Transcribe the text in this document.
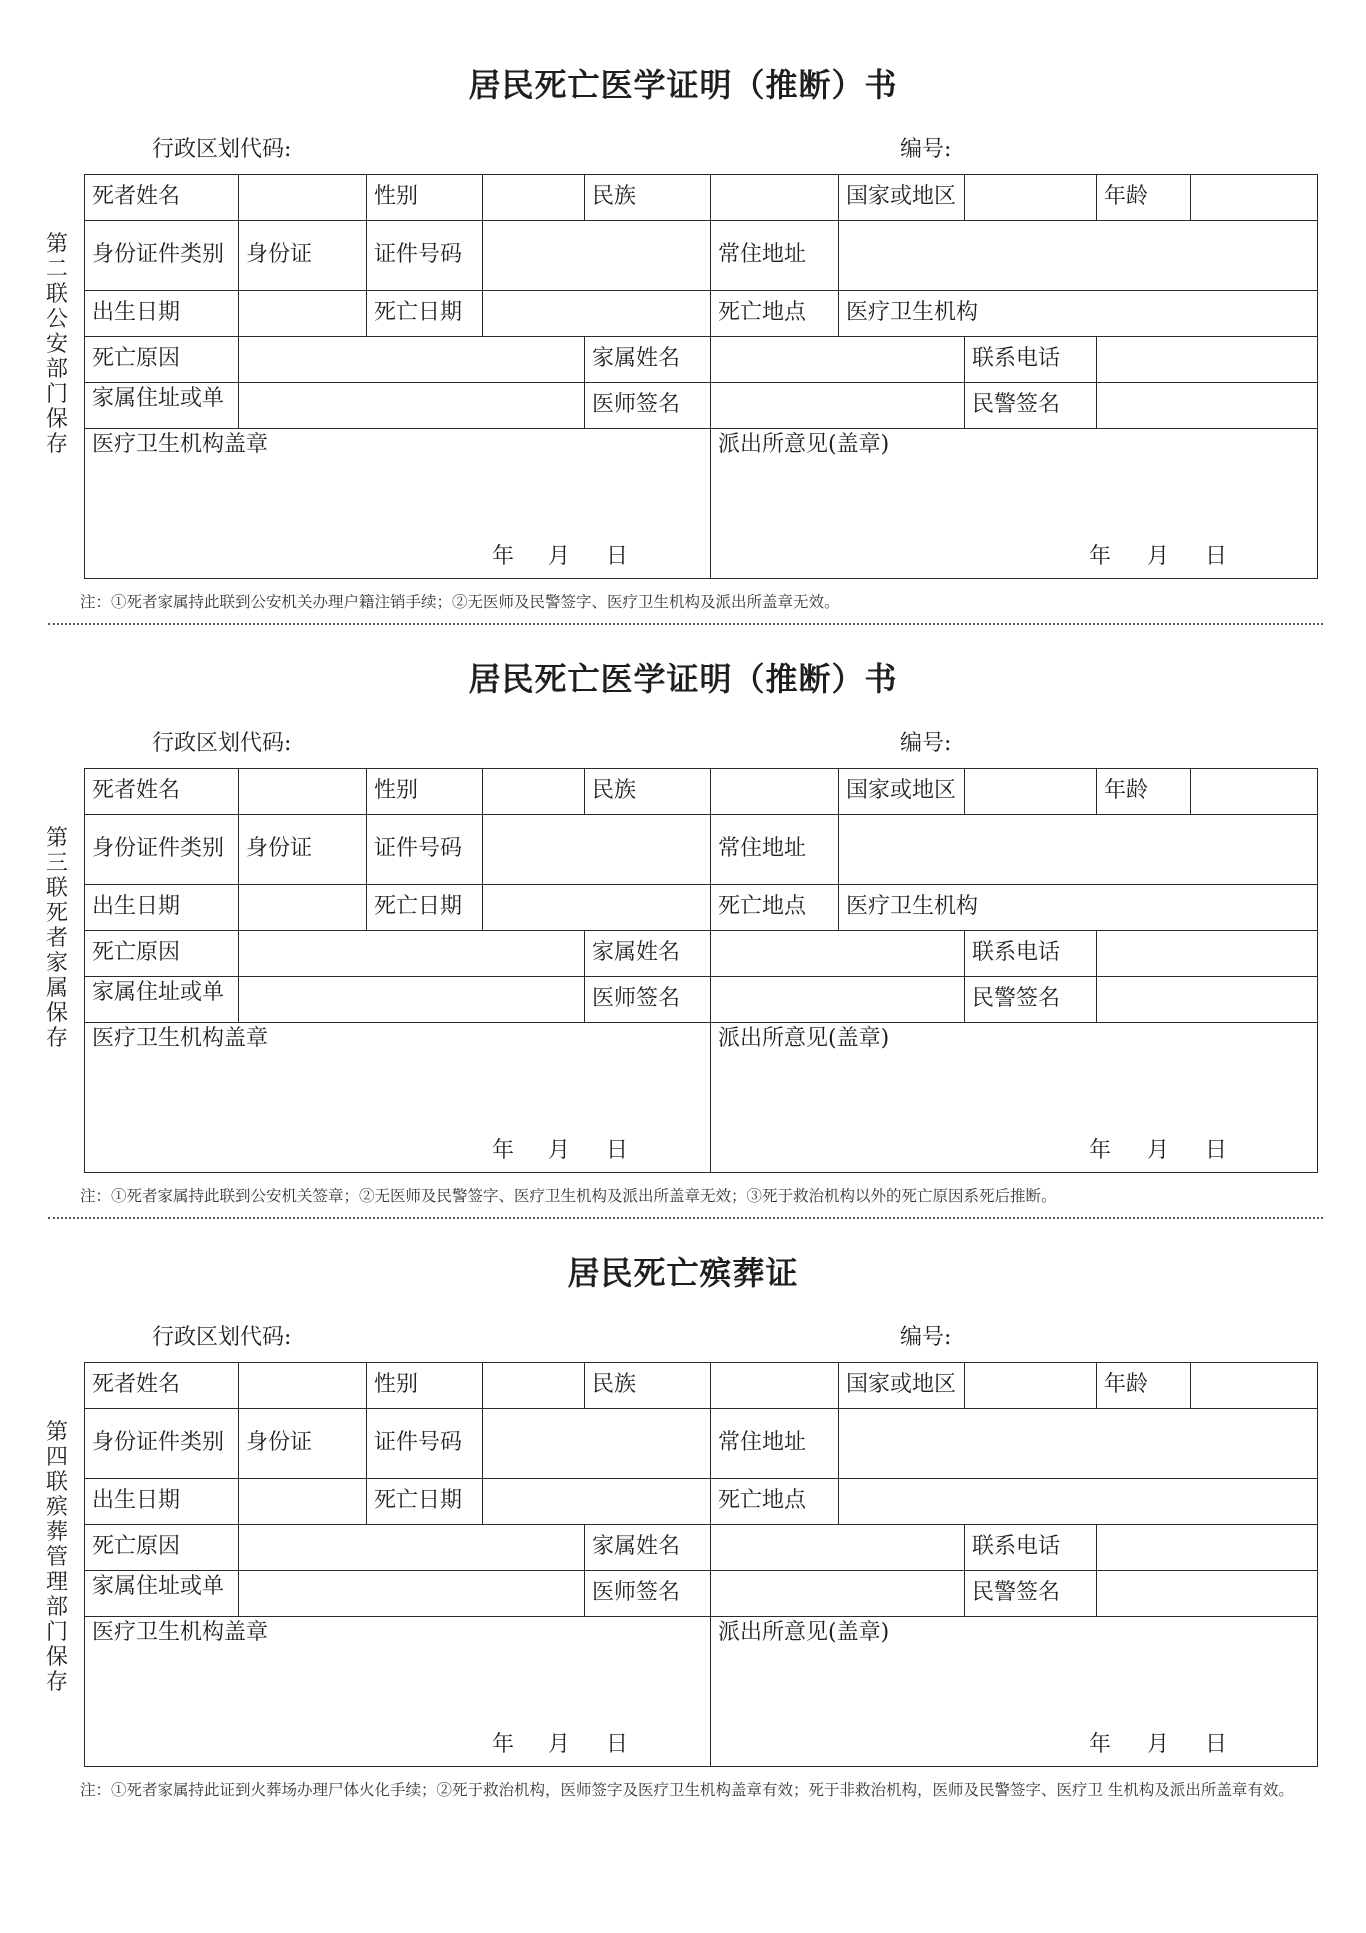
居民死亡医学证明（推断）书
行政区划代码:	编号:
第二联公安部门保存
死者姓名	性别	民族	国家或地区	年龄
身份证件类别 身份证	证件号码	常住地址
出生日期	死亡日期	死亡地点 医疗卫生机构
死亡原因	家属姓名	联系电话
家属住址或单	医师签名	民警签名
医疗卫生机构盖章	派出所意见(盖章)
年 月 日	年 月 日
注：①死者家属持此联到公安机关办理户籍注销手续；②无医师及民警签字、医疗卫生机构及派出所盖章无效。
居民死亡医学证明（推断）书
行政区划代码:	编号:
第三联死者家属保存
死者姓名	性别	民族	国家或地区	年龄
身份证件类别 身份证	证件号码	常住地址
出生日期	死亡日期	死亡地点 医疗卫生机构
死亡原因	家属姓名	联系电话
家属住址或单	医师签名	民警签名
医疗卫生机构盖章	派出所意见(盖章)
年 月 日	年 月 日
注：①死者家属持此联到公安机关签章；②无医师及民警签字、医疗卫生机构及派出所盖章无效；③死于救治机构以外的死亡原因系死后推断。
居民死亡殡葬证
行政区划代码:	编号:
第四联殡葬管理部门保存
死者姓名	性别	民族	国家或地区	年龄
身份证件类别 身份证	证件号码	常住地址
出生日期	死亡日期	死亡地点
死亡原因	家属姓名	联系电话
家属住址或单	医师签名	民警签名
医疗卫生机构盖章	派出所意见(盖章)
年 月 日	年 月 日
注：①死者家属持此证到火葬场办理尸体火化手续；②死于救治机构，医师签字及医疗卫生机构盖章有效；死于非救治机构，医师及民警签字、医疗卫 生机构及派出所盖章有效。
